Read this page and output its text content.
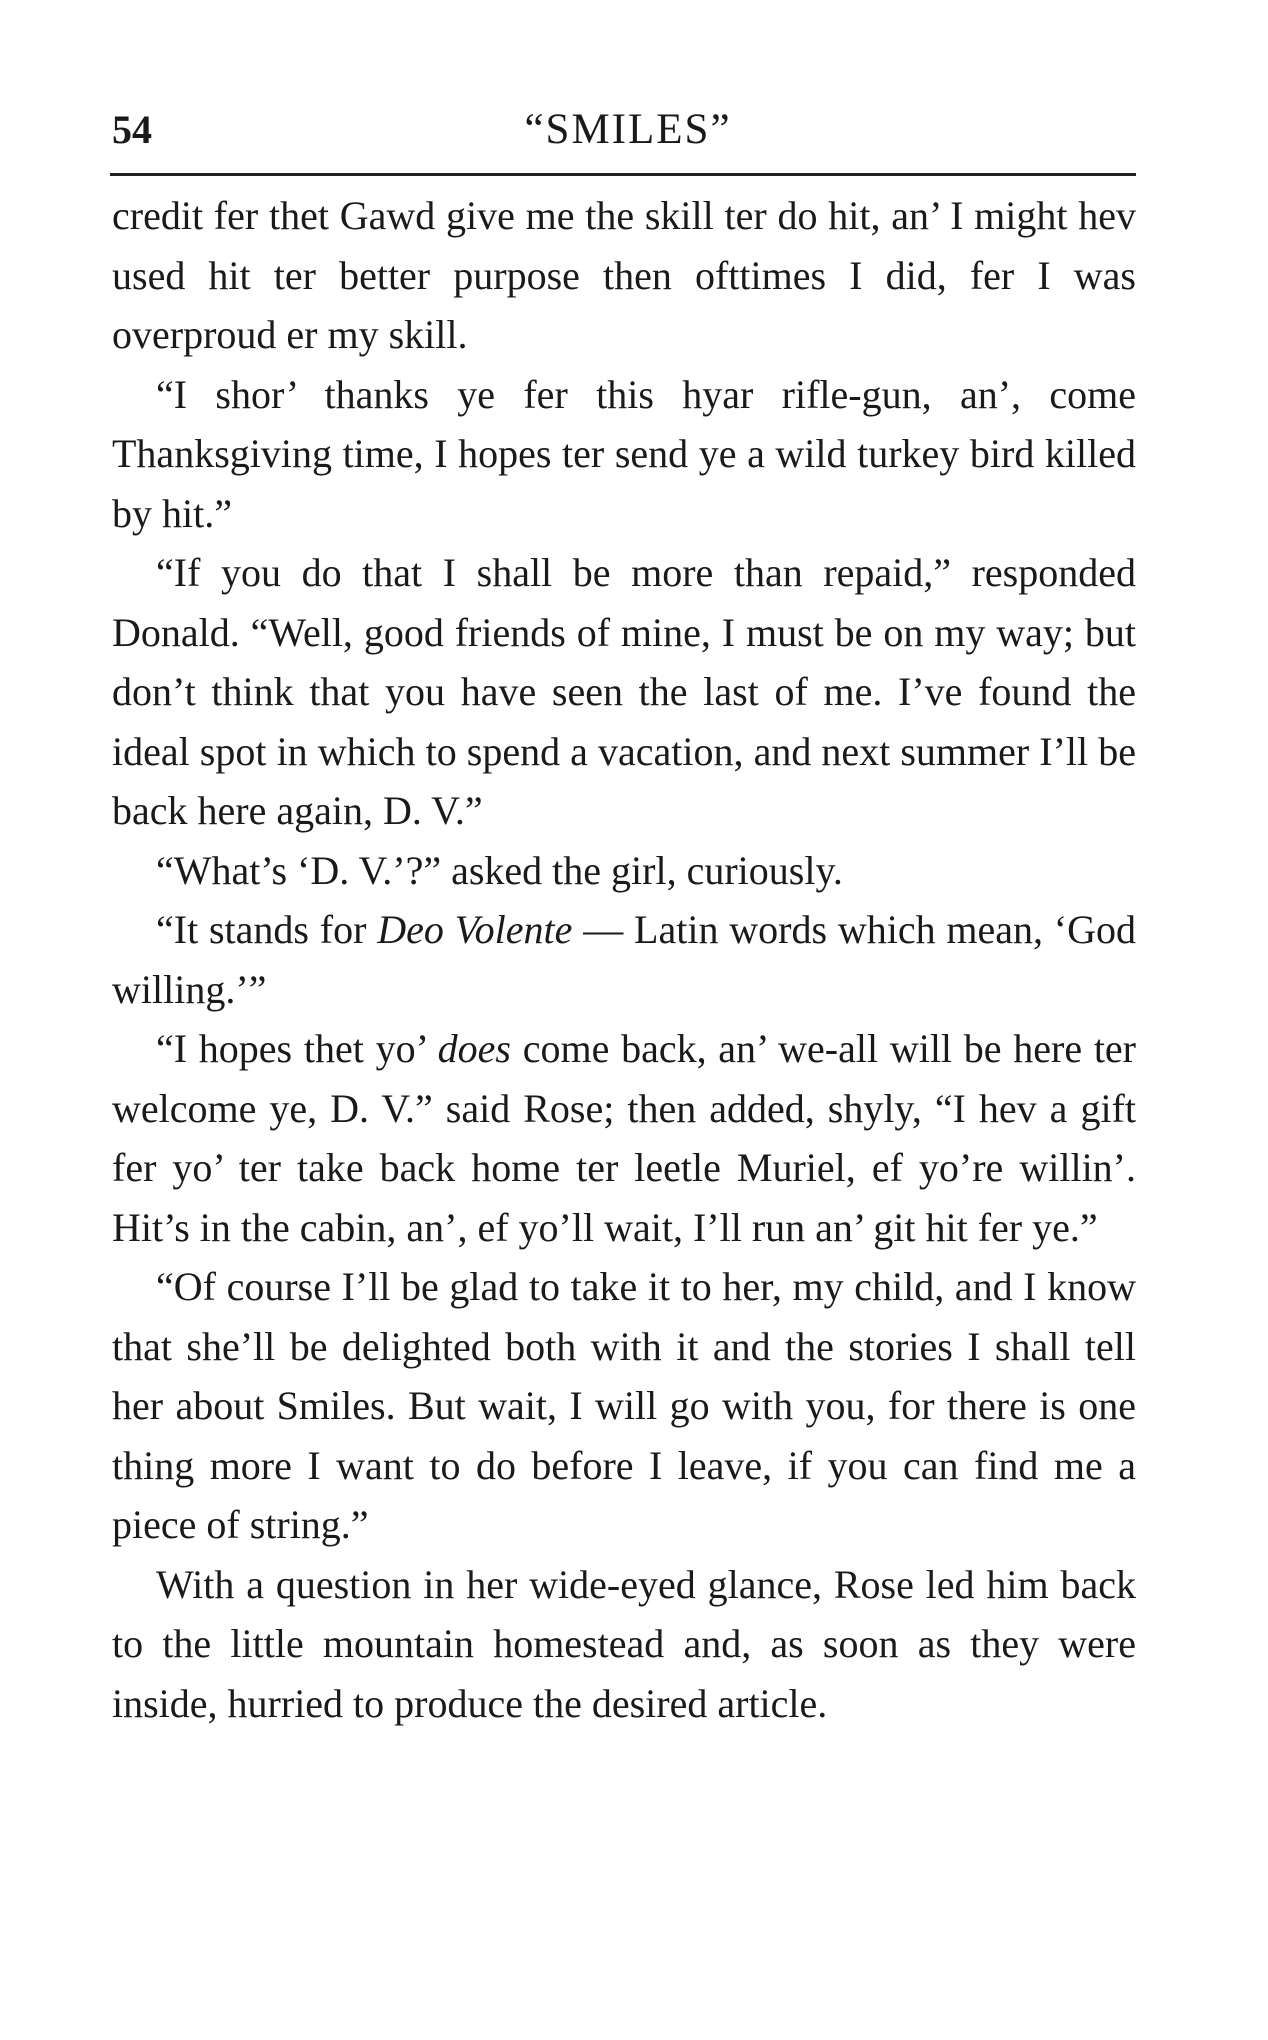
54	“SMILES”

credit fer thet Gawd give me the skill ter do hit, an’ I might hev used hit ter better purpose then ofttimes I did, fer I was overproud er my skill.

“I shor’ thanks ye fer this hyar rifle-gun, an’, come Thanksgiving time, I hopes ter send ye a wild turkey bird killed by hit.”

“If you do that I shall be more than repaid,” responded Donald. “Well, good friends of mine, I must be on my way; but don’t think that you have seen the last of me. I’ve found the ideal spot in which to spend a vacation, and next summer I’ll be back here again, D. V.”

“What’s ‘D. V.’?” asked the girl, curiously.

“It stands for Deo Volente — Latin words which mean, ‘God willing.’”

“I hopes thet yo’ does come back, an’ we-all will be here ter welcome ye, D. V.” said Rose; then added, shyly, “I hev a gift fer yo’ ter take back home ter leetle Muriel, ef yo’re willin’. Hit’s in the cabin, an’, ef yo’ll wait, I’ll run an’ git hit fer ye.”

“Of course I’ll be glad to take it to her, my child, and I know that she’ll be delighted both with it and the stories I shall tell her about Smiles. But wait, I will go with you, for there is one thing more I want to do before I leave, if you can find me a piece of string.”

With a question in her wide-eyed glance, Rose led him back to the little mountain homestead and, as soon as they were inside, hurried to produce the desired article.
